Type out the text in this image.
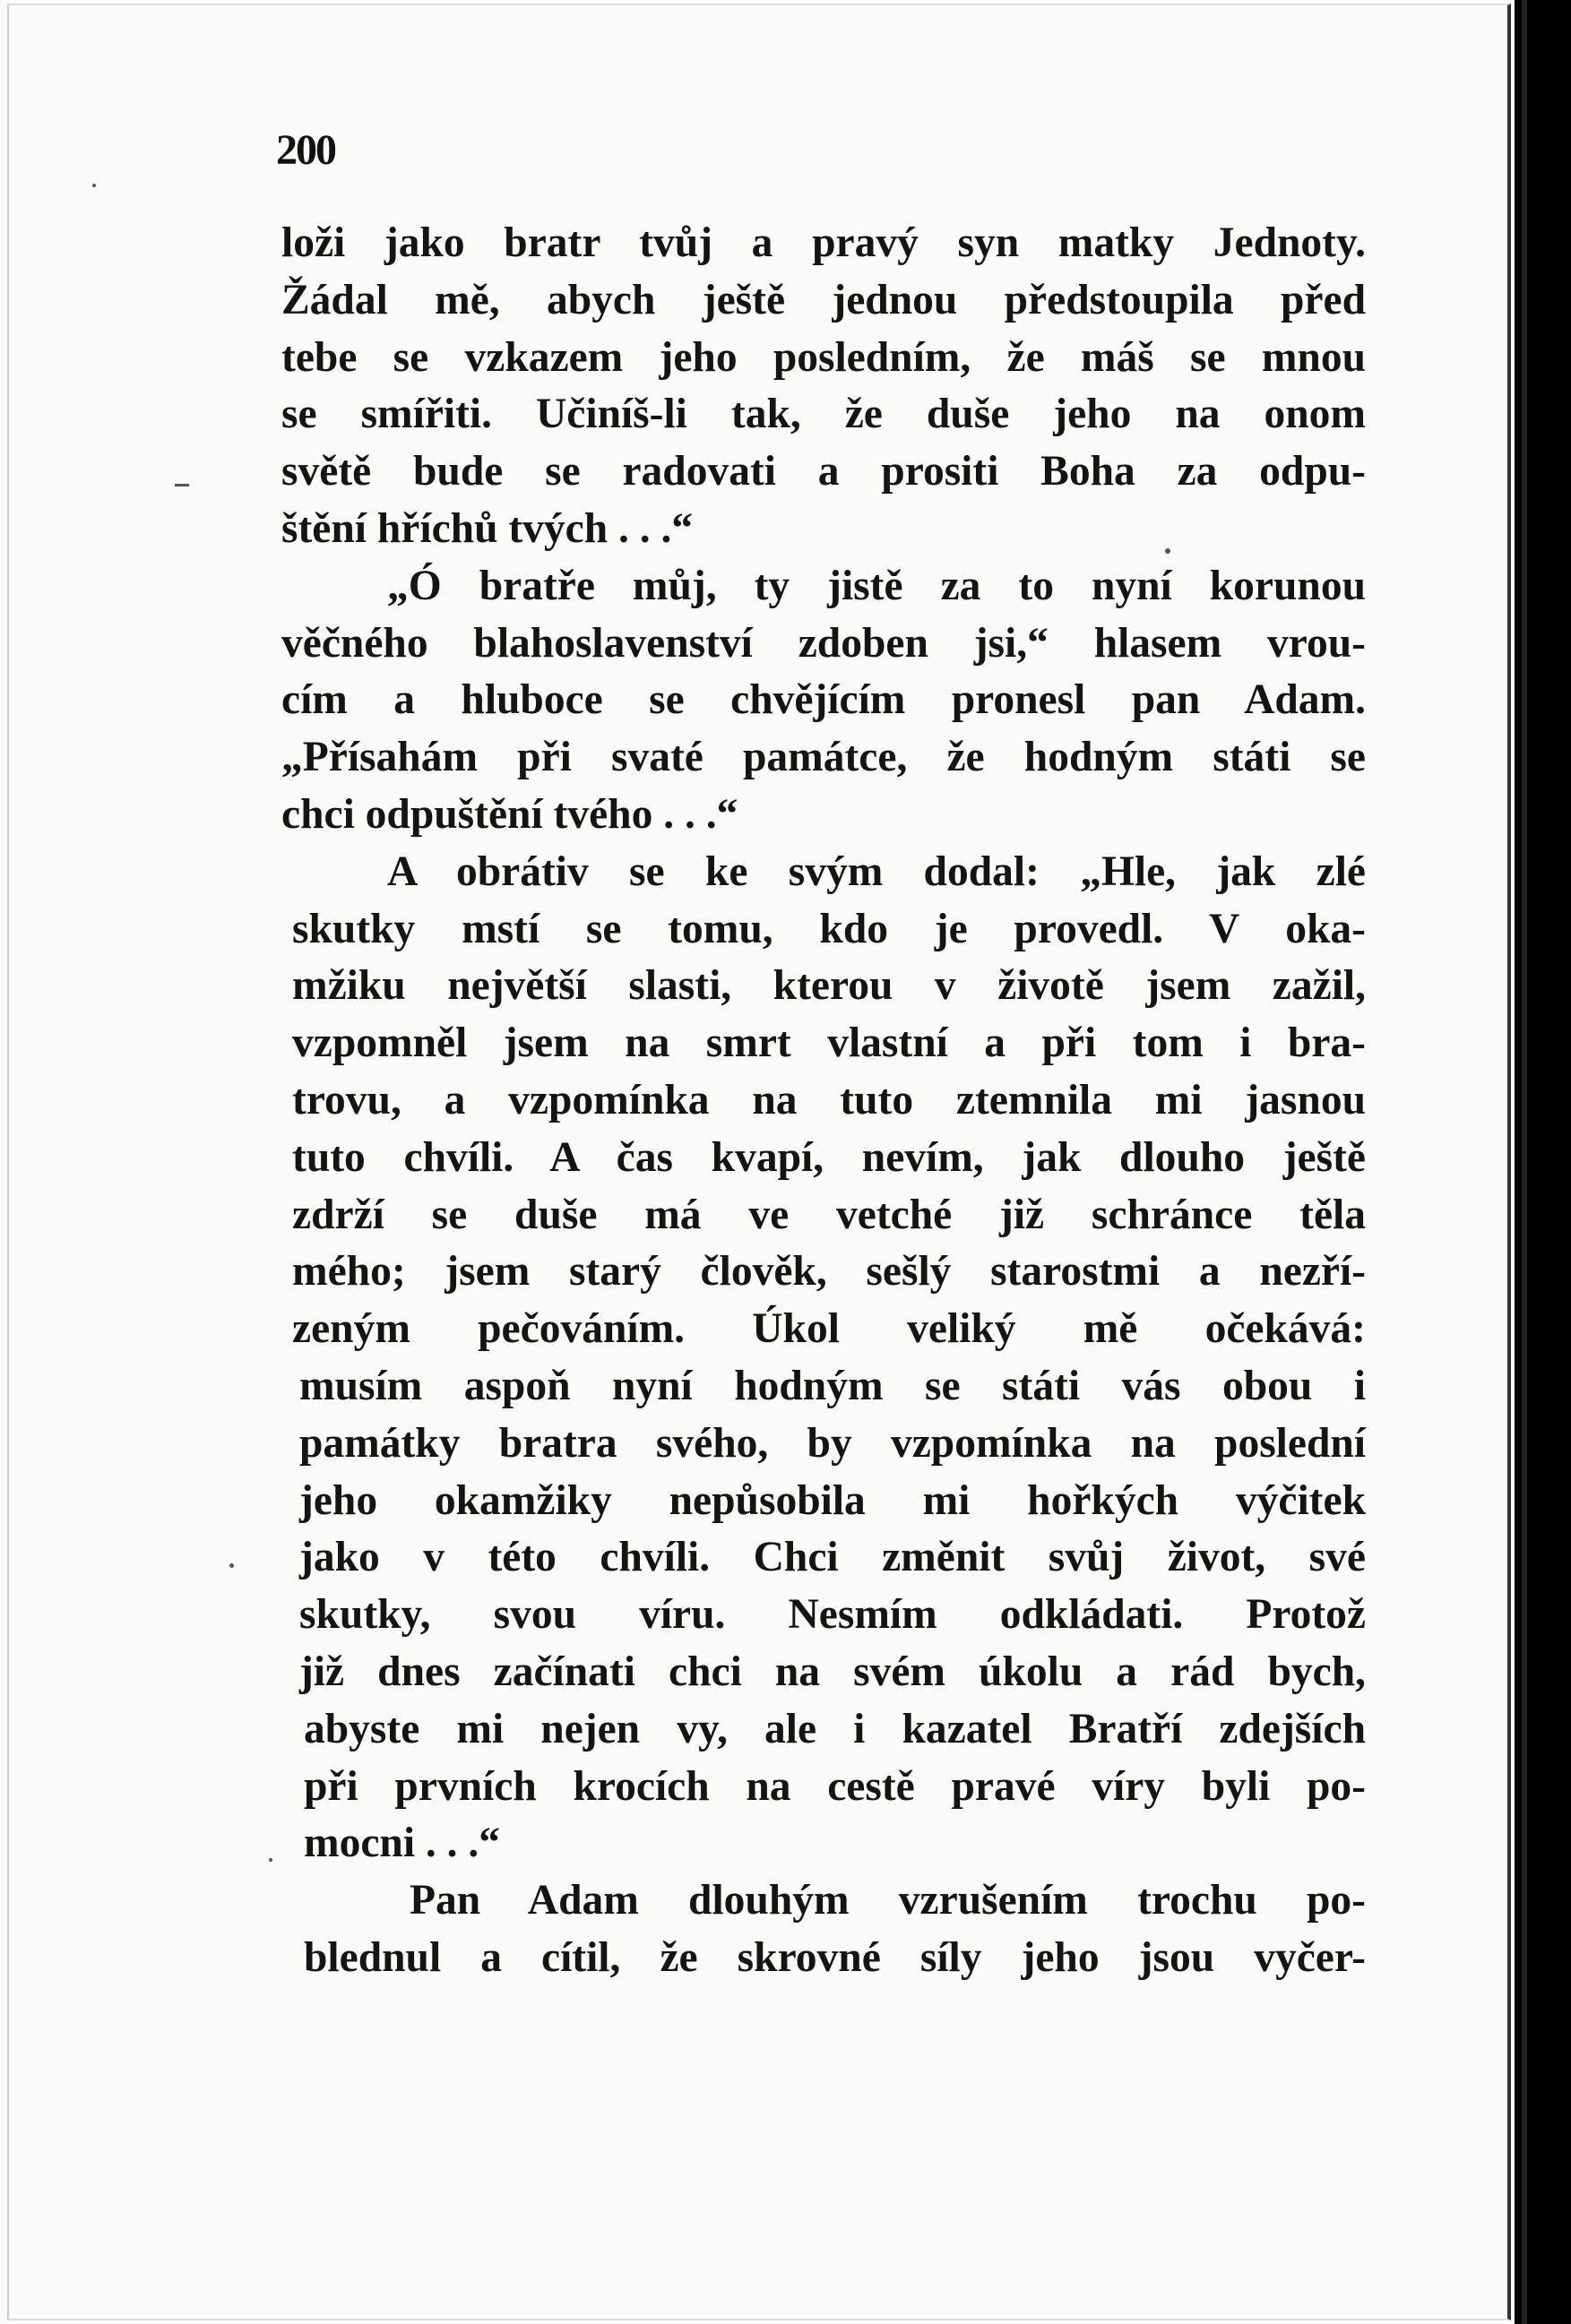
200
loži jako bratr tvůj a pravý syn matky Jednoty.
Žádal mě, abych ještě jednou předstoupila před
tebe se vzkazem jeho posledním, že máš se mnou
se smířiti. Učiníš-li tak, že duše jeho na onom
světě bude se radovati a prositi Boha za odpu-
štění hříchů tvých . . .“
„Ó bratře můj, ty jistě za to nyní korunou
věčného blahoslavenství zdoben jsi,“ hlasem vrou-
cím a hluboce se chvějícím pronesl pan Adam.
„Přísahám při svaté památce, že hodným státi se
chci odpuštění tvého . . .“
A obrátiv se ke svým dodal: „Hle, jak zlé
skutky mstí se tomu, kdo je provedl. V oka-
mžiku největší slasti, kterou v životě jsem zažil,
vzpomněl jsem na smrt vlastní a při tom i bra-
trovu, a vzpomínka na tuto ztemnila mi jasnou
tuto chvíli. A čas kvapí, nevím, jak dlouho ještě
zdrží se duše má ve vetché již schránce těla
mého; jsem starý člověk, sešlý starostmi a nezří-
zeným pečováním. Úkol veliký mě očekává:
musím aspoň nyní hodným se státi vás obou i
památky bratra svého, by vzpomínka na poslední
jeho okamžiky nepůsobila mi hořkých výčitek
jako v této chvíli. Chci změnit svůj život, své
skutky, svou víru. Nesmím odkládati. Protož
již dnes začínati chci na svém úkolu a rád bych,
abyste mi nejen vy, ale i kazatel Bratří zdejších
při prvních krocích na cestě pravé víry byli po-
mocni . . .“
Pan Adam dlouhým vzrušením trochu po-
blednul a cítil, že skrovné síly jeho jsou vyčer-
